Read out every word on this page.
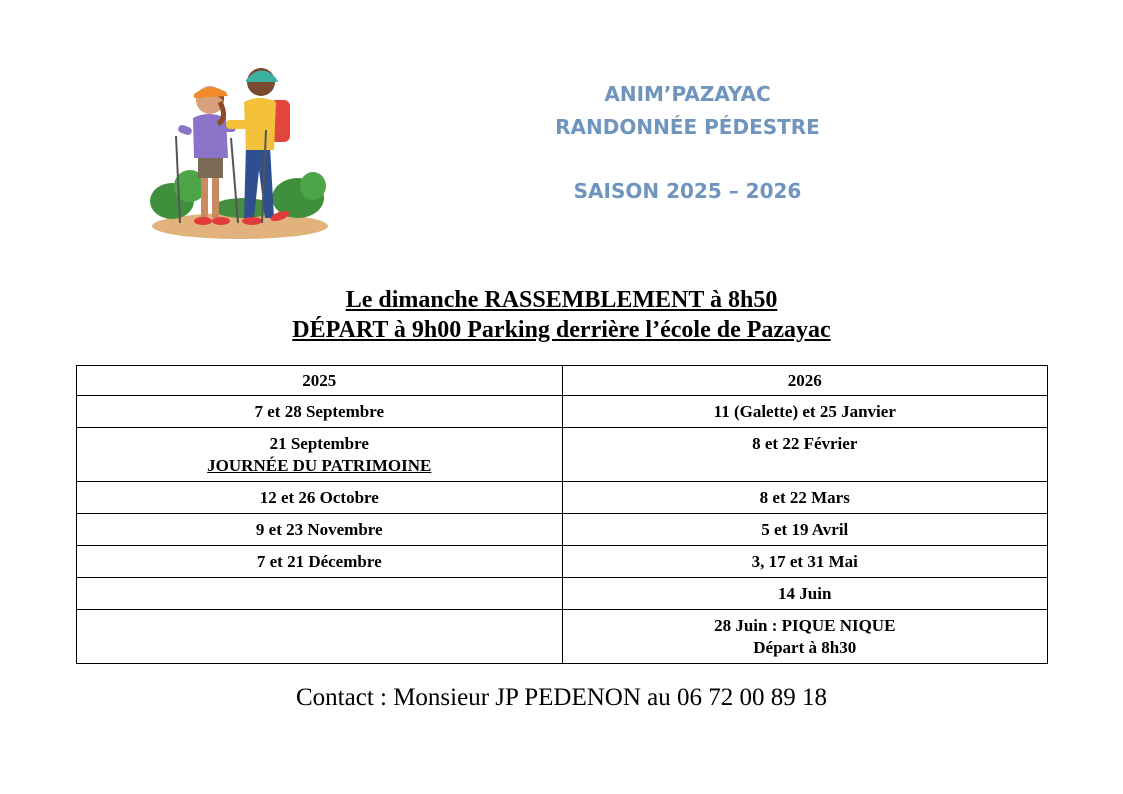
ANIM’PAZAYAC
RANDONNÉE PÉDESTRE
SAISON 2025 – 2026
Le dimanche RASSEMBLEMENT à 8h50
DÉPART à 9h00 Parking derrière l’école de Pazayac
2025	2026

7 et 28 Septembre	11 (Galette) et 25 Janvier

21 Septembre
JOURNÉE DU PATRIMOINE	8 et 22 Février

12 et 26 Octobre	8 et 22 Mars

9 et 23 Novembre	5 et 19 Avril

7 et 21 Décembre	3, 17 et 31 Mai

	14 Juin

	28 Juin : PIQUE NIQUE
Départ à 8h30
Contact : Monsieur JP PEDENON au 06 72 00 89 18
